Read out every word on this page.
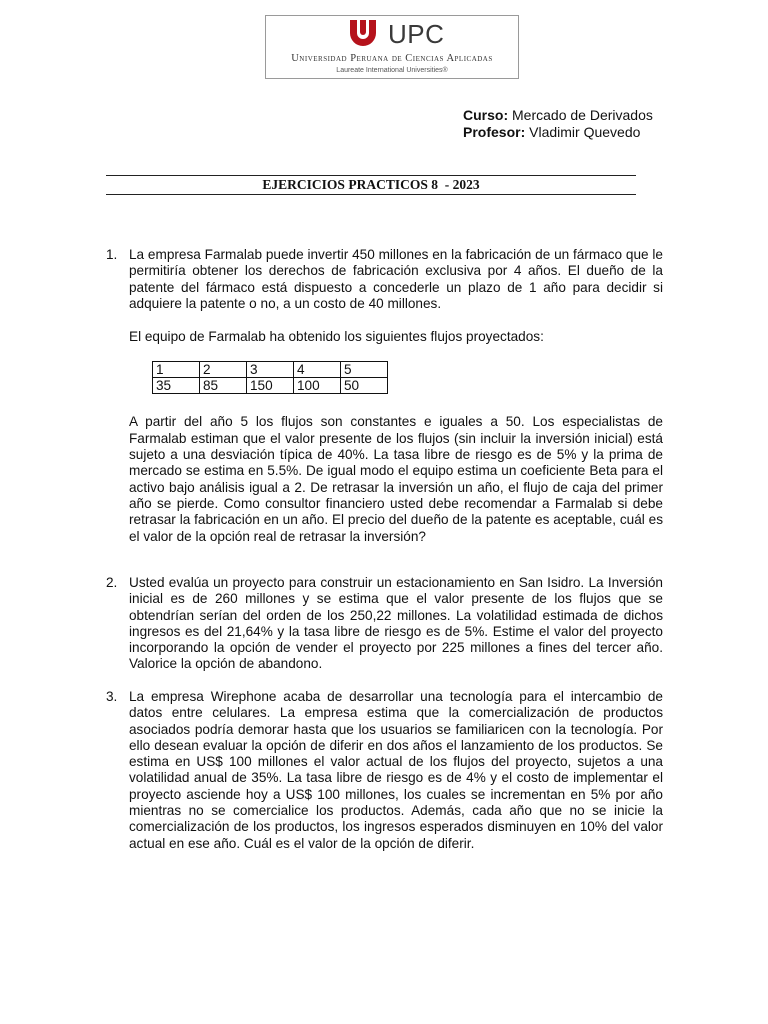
UPC
Universidad Peruana de Ciencias Aplicadas
Laureate International Universities®
Curso: Mercado de Derivados
Profesor: Vladimir Quevedo
EJERCICIOS PRACTICOS 8  - 2023
1. La empresa Farmalab puede invertir 450 millones en la fabricación de un fármaco que le permitiría obtener los derechos de fabricación exclusiva por 4 años. El dueño de la patente del fármaco está dispuesto a concederle un plazo de 1 año para decidir si adquiere la patente o no, a un costo de 40 millones.

El equipo de Farmalab ha obtenido los siguientes flujos proyectados:

A partir del año 5 los flujos son constantes e iguales a 50. Los especialistas de Farmalab estiman que el valor presente de los flujos (sin incluir la inversión inicial) está sujeto a una desviación típica de 40%. La tasa libre de riesgo es de 5% y la prima de mercado se estima en 5.5%. De igual modo el equipo estima un coeficiente Beta para el activo bajo análisis igual a 2. De retrasar la inversión un año, el flujo de caja del primer año se pierde. Como consultor financiero usted debe recomendar a Farmalab si debe retrasar la fabricación en un año. El precio del dueño de la patente es aceptable, cuál es el valor de la opción real de retrasar la inversión?

1	2	3	4	5
35	85	150	100	50
2. Usted evalúa un proyecto para construir un estacionamiento en San Isidro. La Inversión inicial es de 260 millones y se estima que el valor presente de los flujos que se obtendrían serían del orden de los 250,22 millones. La volatilidad estimada de dichos ingresos es del 21,64% y la tasa libre de riesgo es de 5%. Estime el valor del proyecto incorporando la opción de vender el proyecto por 225 millones a fines del tercer año. Valorice la opción de abandono.

3. La empresa Wirephone acaba de desarrollar una tecnología para el intercambio de datos entre celulares. La empresa estima que la comercialización de productos asociados podría demorar hasta que los usuarios se familiaricen con la tecnología. Por ello desean evaluar la opción de diferir en dos años el lanzamiento de los productos. Se estima en US$ 100 millones el valor actual de los flujos del proyecto, sujetos a una volatilidad anual de 35%. La tasa libre de riesgo es de 4% y el costo de implementar el proyecto asciende hoy a US$ 100 millones, los cuales se incrementan en 5% por año mientras no se comercialice los productos. Además, cada año que no se inicie la comercialización de los productos, los ingresos esperados disminuyen en 10% del valor actual en ese año. Cuál es el valor de la opción de diferir.
